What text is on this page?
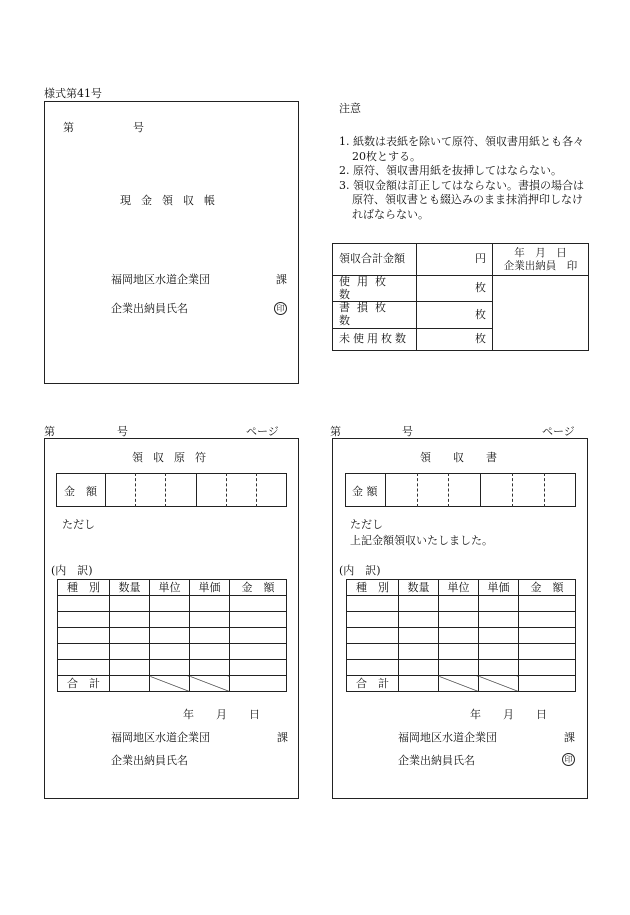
様式第41号
第	号
現金領収帳
福岡地区水道企業団	課
企業出納員氏名	印
注意
1. 紙数は表紙を除いて原符、領収書用紙とも各々20枚とする。
2. 原符、領収書用紙を抜挿してはならない。
3. 領収金額は訂正してはならない。書損の場合は原符、領収書とも綴込みのまま抹消押印しなければならない。
領収合計金額	円	年　月　日
企業出納員　印

使用枚数	枚	
書損枚数	枚	
未使用枚数	枚	
第	号	ページ
領収原符
金　額
ただし
(内　訳)
種　別	数量	単位	単価	金　額

合　計				
年　　月　　日
福岡地区水道企業団	課
企業出納員氏名
第	号	ページ
領収書
金 額
ただし
上記金額領収いたしました。
(内　訳)
種　別	数量	単位	単価	金　額

合　計				
年　　月　　日
福岡地区水道企業団	課
企業出納員氏名	印
